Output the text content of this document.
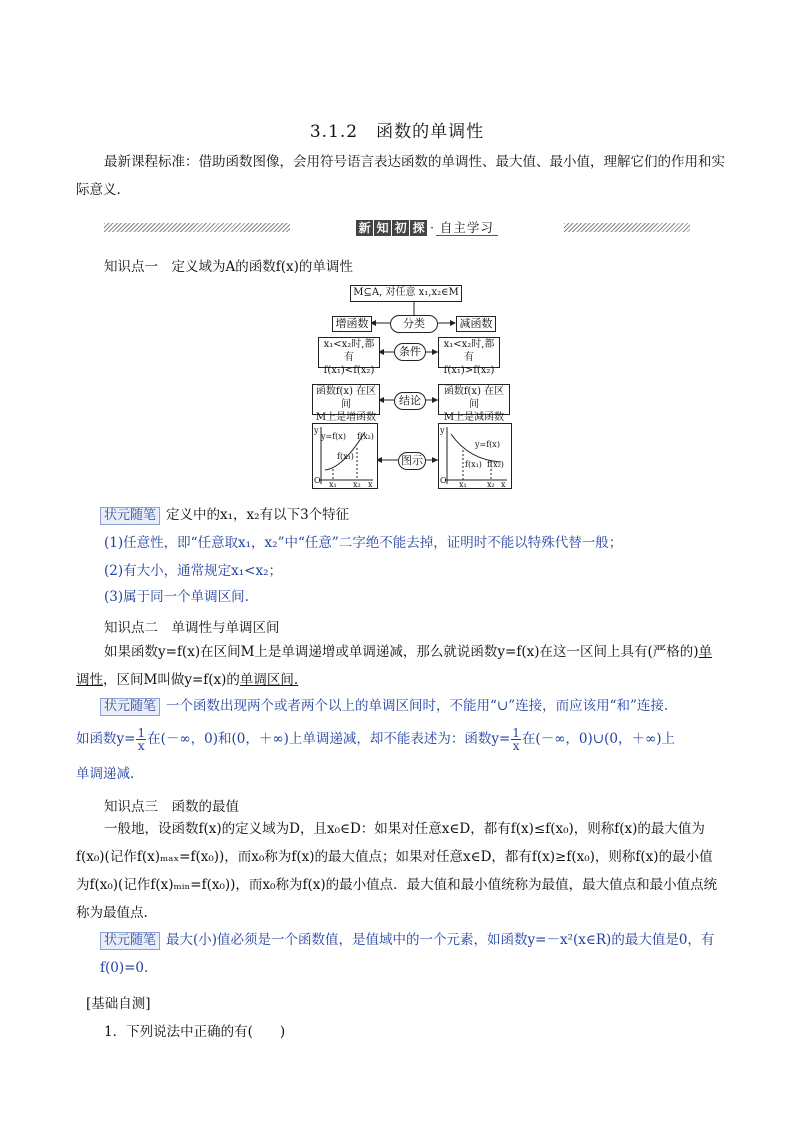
3.1.2　函数的单调性
最新课程标准：借助函数图像，会用符号语言表达函数的单调性、最大值、最小值，理解它们的作用和实际意义.
新 知 初 探 · 自主学习
知识点一　定义域为A的函数f(x)的单调性
M⊆A, 对任意 x₁,x₂∈M
增函数	分类	减函数
x₁<x₂时,都有
f(x₁)<f(x₂)
条件
x₁<x₂时,都有
f(x₁)>f(x₂)
函数f(x) 在区间
M上是增函数
结论
函数f(x) 在区间
M上是减函数
y
y=f(x) f(x₂)
f(x₁)
O x₁ x₂ x
图示
y
y=f(x)
f(x₁) f(x₂)
O x₁	x₂ x
状元随笔 定义中的x₁，x₂有以下3个特征
(1)任意性，即“任意取x₁，x₂”中“任意”二字绝不能去掉，证明时不能以特殊代替一般；
(2)有大小，通常规定x₁<x₂；
(3)属于同一个单调区间.
知识点二　单调性与单调区间
如果函数y=f(x)在区间M上是单调递增或单调递减，那么就说函数y=f(x)在这一区间上具有(严格的)单调性，区间M叫做y=f(x)的单调区间.
状元随笔 一个函数出现两个或者两个以上的单调区间时，不能用“∪”连接，而应该用“和”连接.
如函数$y= \frac{1}{x}$ 在(－∞，0)和(0，＋∞)上单调递减，却不能表述为：函数$y= \frac{1}{x}$ 在(－∞，0)∪(0，＋∞)上
单调递减.
知识点三　函数的最值
一般地，设函数f(x)的定义域为D，且x₀∈D：如果对任意x∈D，都有f(x)≤f(x₀)，则称f(x)的最大值为f(x₀)(记作f(x)ₘₐₓ=f(x₀))，而x₀称为f(x)的最大值点；如果对任意x∈D，都有f(x)≥f(x₀)，则称f(x)的最小值为f(x₀)(记作f(x)ₘᵢₙ=f(x₀))，而x₀称为f(x)的最小值点．最大值和最小值统称为最值，最大值点和最小值点统称为最值点.
状元随笔 最大(小)值必须是一个函数值，是值域中的一个元素，如函数y=－x²(x∈R)的最大值是0，有f(0)=0.
[基础自测]
1．下列说法中正确的有(　　)
